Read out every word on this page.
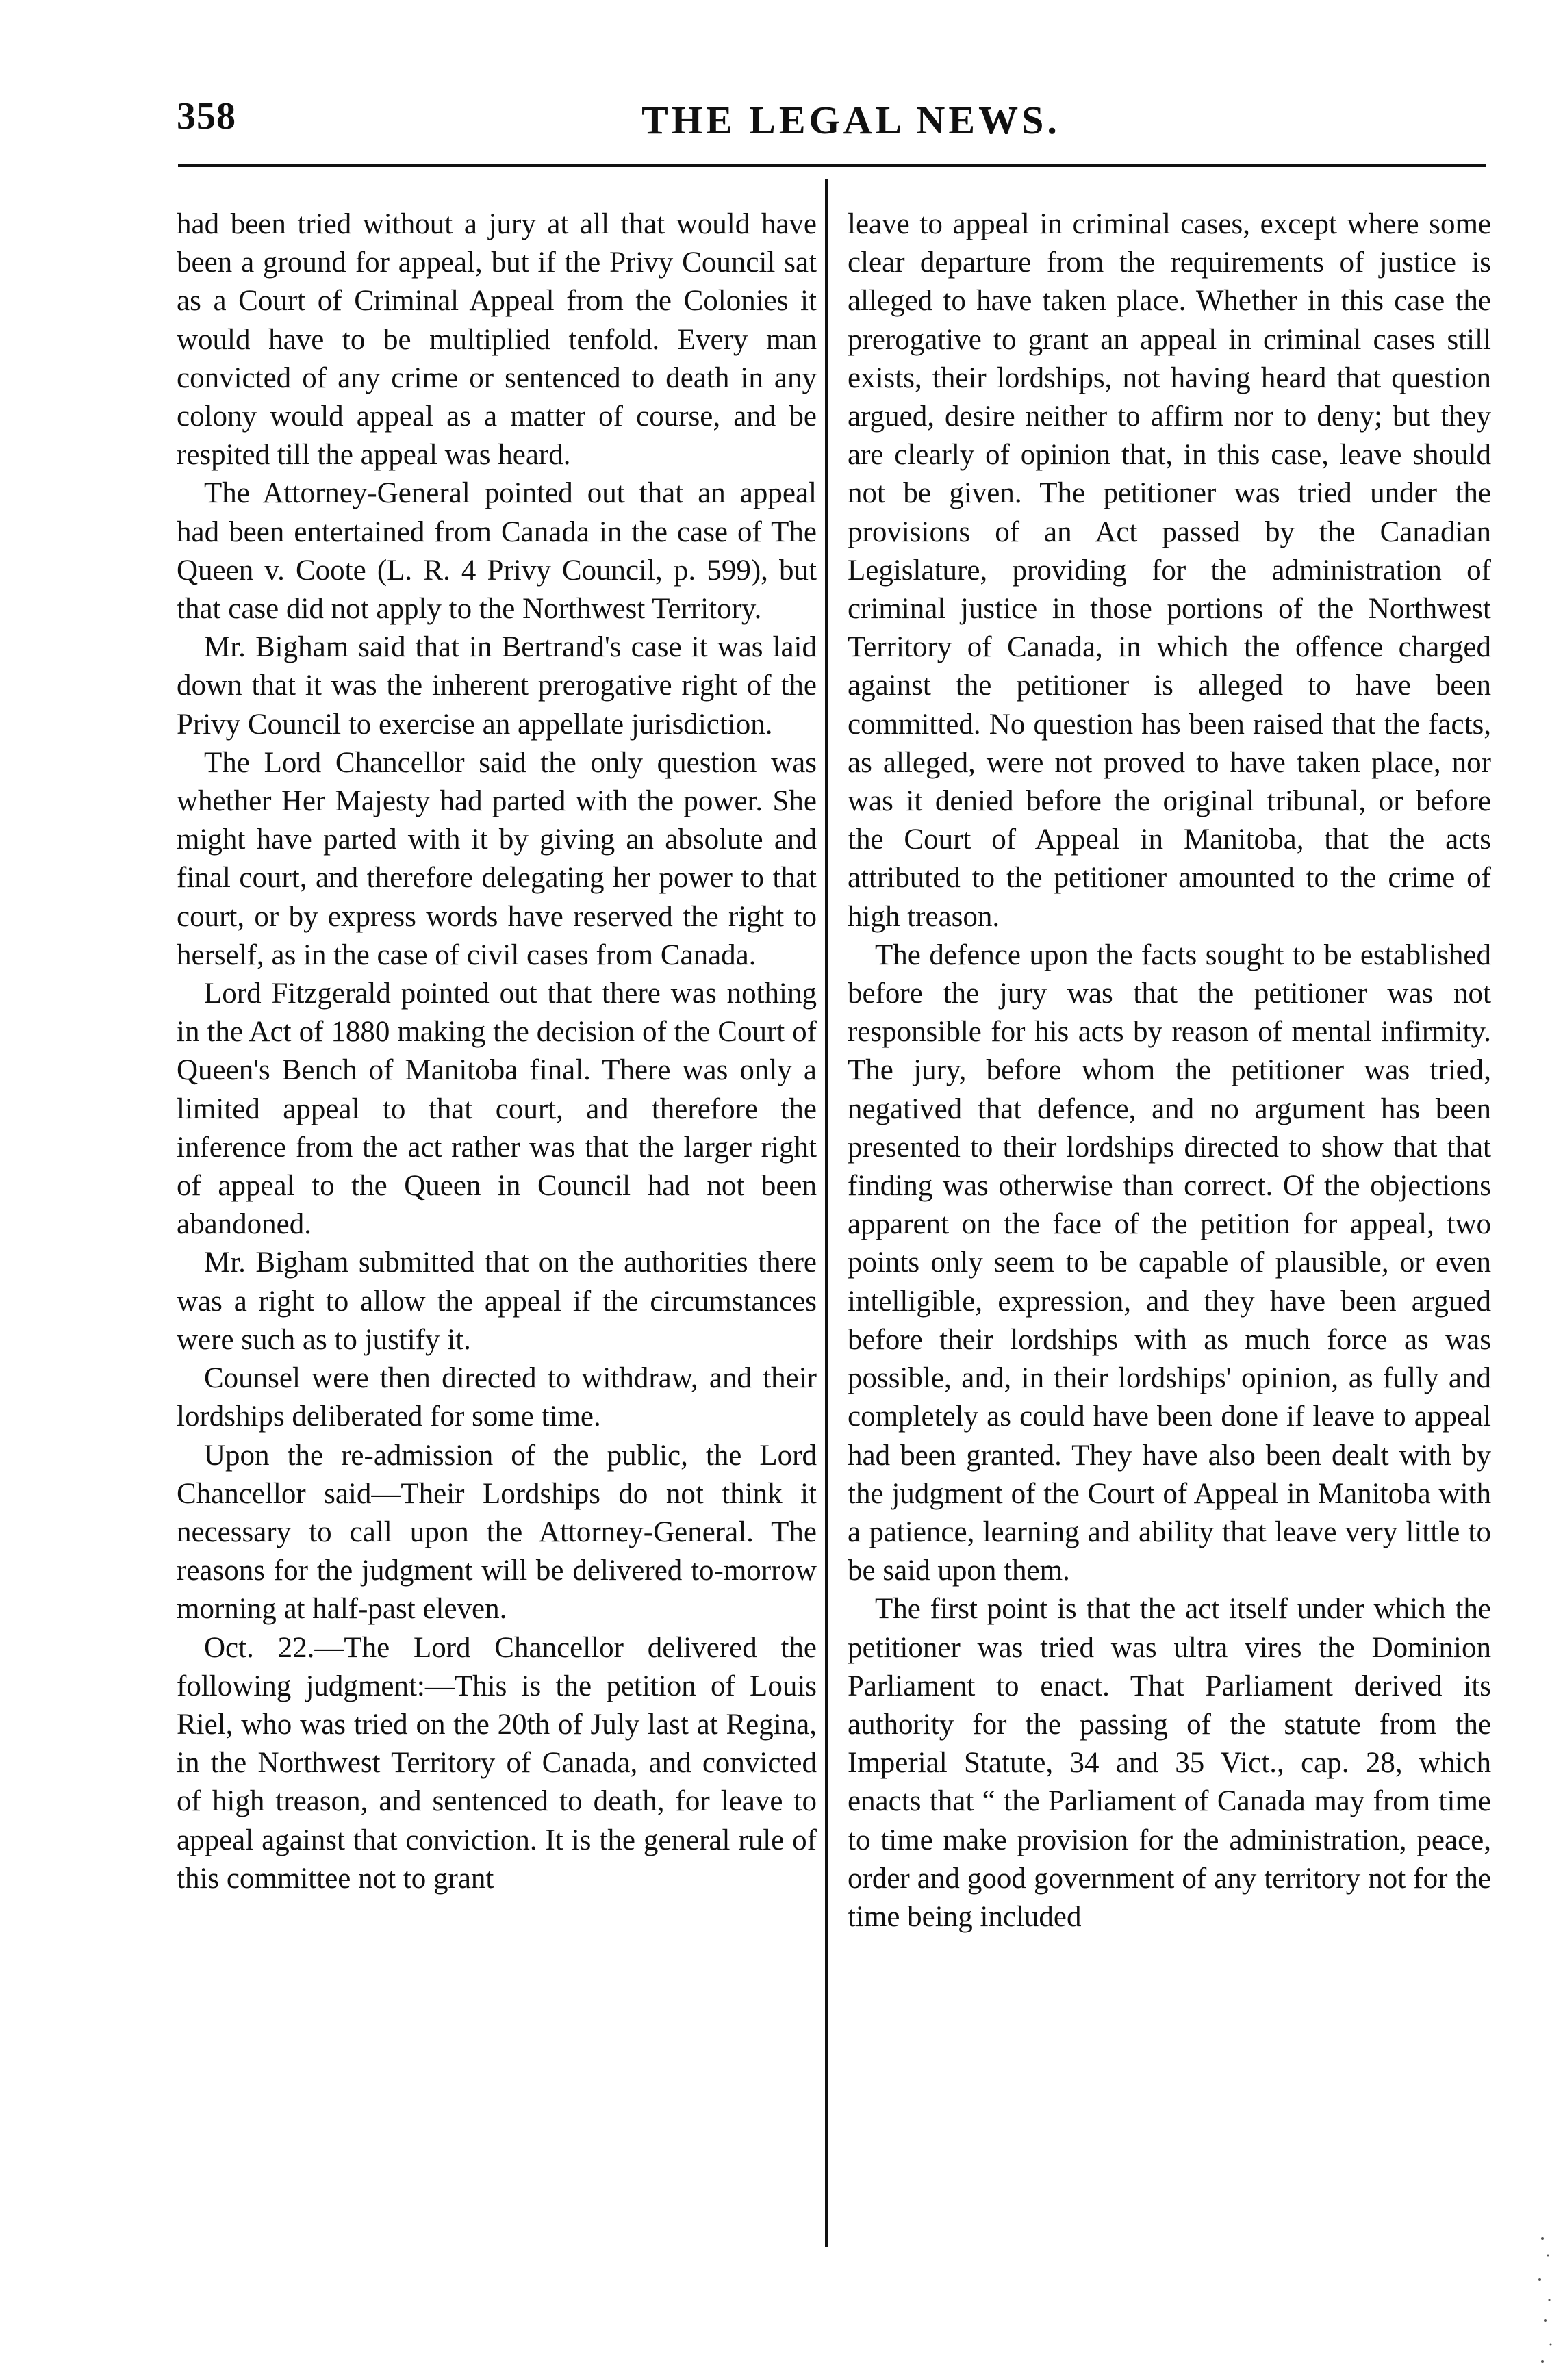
358	THE LEGAL NEWS.

had been tried without a jury at all that would have been a ground for appeal, but if the Privy Council sat as a Court of Criminal Appeal from the Colonies it would have to be multiplied tenfold. Every man convicted of any crime or sentenced to death in any colony would appeal as a matter of course, and be respited till the appeal was heard.

The Attorney-General pointed out that an appeal had been entertained from Canada in the case of The Queen v. Coote (L. R. 4 Privy Council, p. 599), but that case did not apply to the Northwest Territory.

Mr. Bigham said that in Bertrand's case it was laid down that it was the inherent prerogative right of the Privy Council to exercise an appellate jurisdiction.

The Lord Chancellor said the only question was whether Her Majesty had parted with the power. She might have parted with it by giving an absolute and final court, and therefore delegating her power to that court, or by express words have reserved the right to herself, as in the case of civil cases from Canada.

Lord Fitzgerald pointed out that there was nothing in the Act of 1880 making the decision of the Court of Queen's Bench of Manitoba final. There was only a limited appeal to that court, and therefore the inference from the act rather was that the larger right of appeal to the Queen in Council had not been abandoned.

Mr. Bigham submitted that on the authorities there was a right to allow the appeal if the circumstances were such as to justify it.

Counsel were then directed to withdraw, and their lordships deliberated for some time.

Upon the re-admission of the public, the Lord Chancellor said—Their Lordships do not think it necessary to call upon the Attorney-General. The reasons for the judgment will be delivered to-morrow morning at half-past eleven.

Oct. 22.—The Lord Chancellor delivered the following judgment:—This is the petition of Louis Riel, who was tried on the 20th of July last at Regina, in the Northwest Territory of Canada, and convicted of high treason, and sentenced to death, for leave to appeal against that conviction. It is the general rule of this committee not to grant

leave to appeal in criminal cases, except where some clear departure from the requirements of justice is alleged to have taken place. Whether in this case the prerogative to grant an appeal in criminal cases still exists, their lordships, not having heard that question argued, desire neither to affirm nor to deny; but they are clearly of opinion that, in this case, leave should not be given. The petitioner was tried under the provisions of an Act passed by the Canadian Legislature, providing for the administration of criminal justice in those portions of the Northwest Territory of Canada, in which the offence charged against the petitioner is alleged to have been committed. No question has been raised that the facts, as alleged, were not proved to have taken place, nor was it denied before the original tribunal, or before the Court of Appeal in Manitoba, that the acts attributed to the petitioner amounted to the crime of high treason.

The defence upon the facts sought to be established before the jury was that the petitioner was not responsible for his acts by reason of mental infirmity. The jury, before whom the petitioner was tried, negatived that defence, and no argument has been presented to their lordships directed to show that that finding was otherwise than correct. Of the objections apparent on the face of the petition for appeal, two points only seem to be capable of plausible, or even intelligible, expression, and they have been argued before their lordships with as much force as was possible, and, in their lordships' opinion, as fully and completely as could have been done if leave to appeal had been granted. They have also been dealt with by the judgment of the Court of Appeal in Manitoba with a patience, learning and ability that leave very little to be said upon them.

The first point is that the act itself under which the petitioner was tried was ultra vires the Dominion Parliament to enact. That Parliament derived its authority for the passing of the statute from the Imperial Statute, 34 and 35 Vict., cap. 28, which enacts that “ the Parliament of Canada may from time to time make provision for the administration, peace, order and good government of any territory not for the time being included
